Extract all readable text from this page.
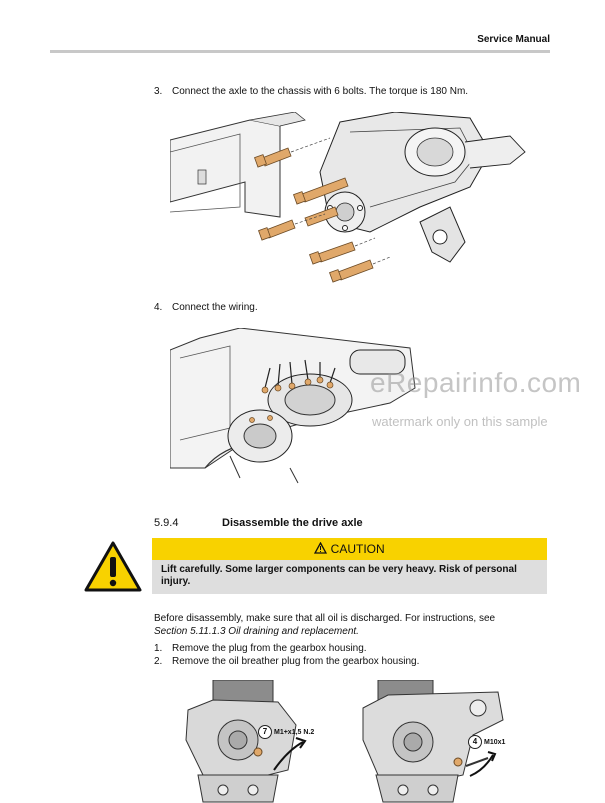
Service Manual
3. Connect the axle to the chassis with 6 bolts. The torque is 180 Nm.
4. Connect the wiring.
eRepairinfo.com
watermark only on this sample
5.9.4	Disassemble the drive axle
CAUTION
Lift carefully. Some larger components can be very heavy. Risk of personal injury.
Before disassembly, make sure that all oil is discharged. For instructions, see
Section 5.11.1.3 Oil draining and replacement.
1. Remove the plug from the gearbox housing.
2. Remove the oil breather plug from the gearbox housing.
7 M1+x1,5 N.2
4 M10x1
